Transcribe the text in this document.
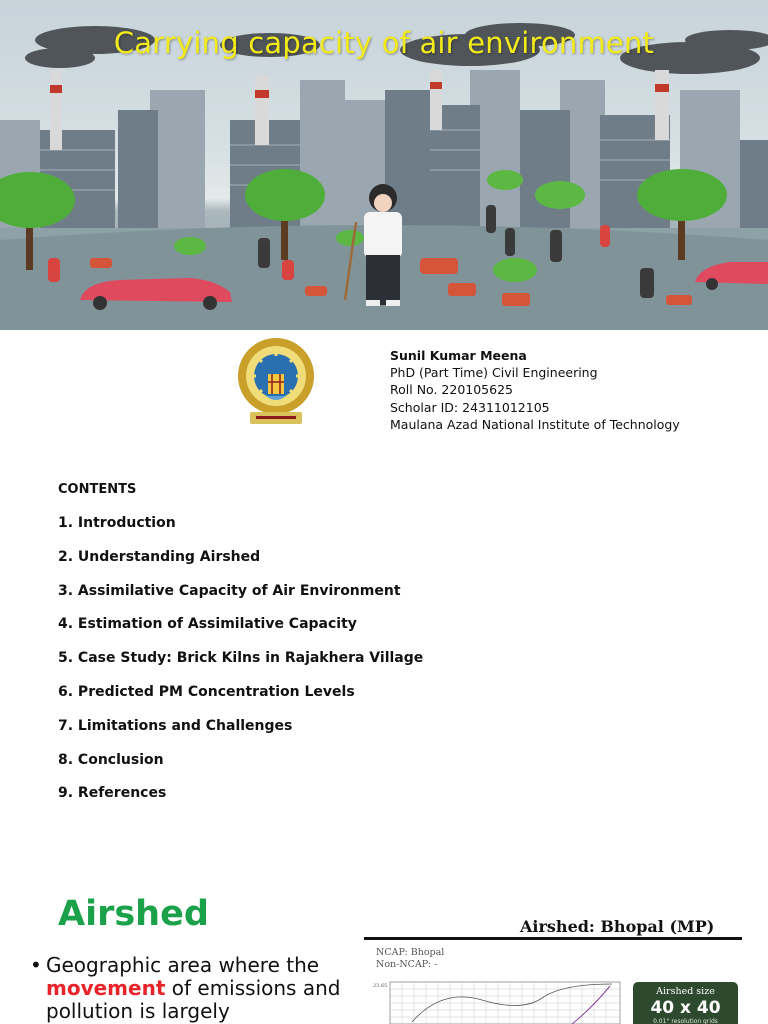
Carrying capacity of air environment
Sunil Kumar Meena
PhD (Part Time) Civil Engineering
Roll No. 220105625
Scholar ID: 24311012105
Maulana Azad National Institute of Technology
CONTENTS
1. Introduction
2. Understanding Airshed
3. Assimilative Capacity of Air Environment
4. Estimation of Assimilative Capacity
5. Case Study: Brick Kilns in Rajakhera Village
6. Predicted PM Concentration Levels
7. Limitations and Challenges
8. Conclusion
9. References
Airshed
• Geographic area where the movement of emissions and pollution is largely
Airshed: Bhopal (MP)
NCAP: Bhopal
Non-NCAP: -
23.65	Airshed size
40 x 40
0.01° resolution grids
